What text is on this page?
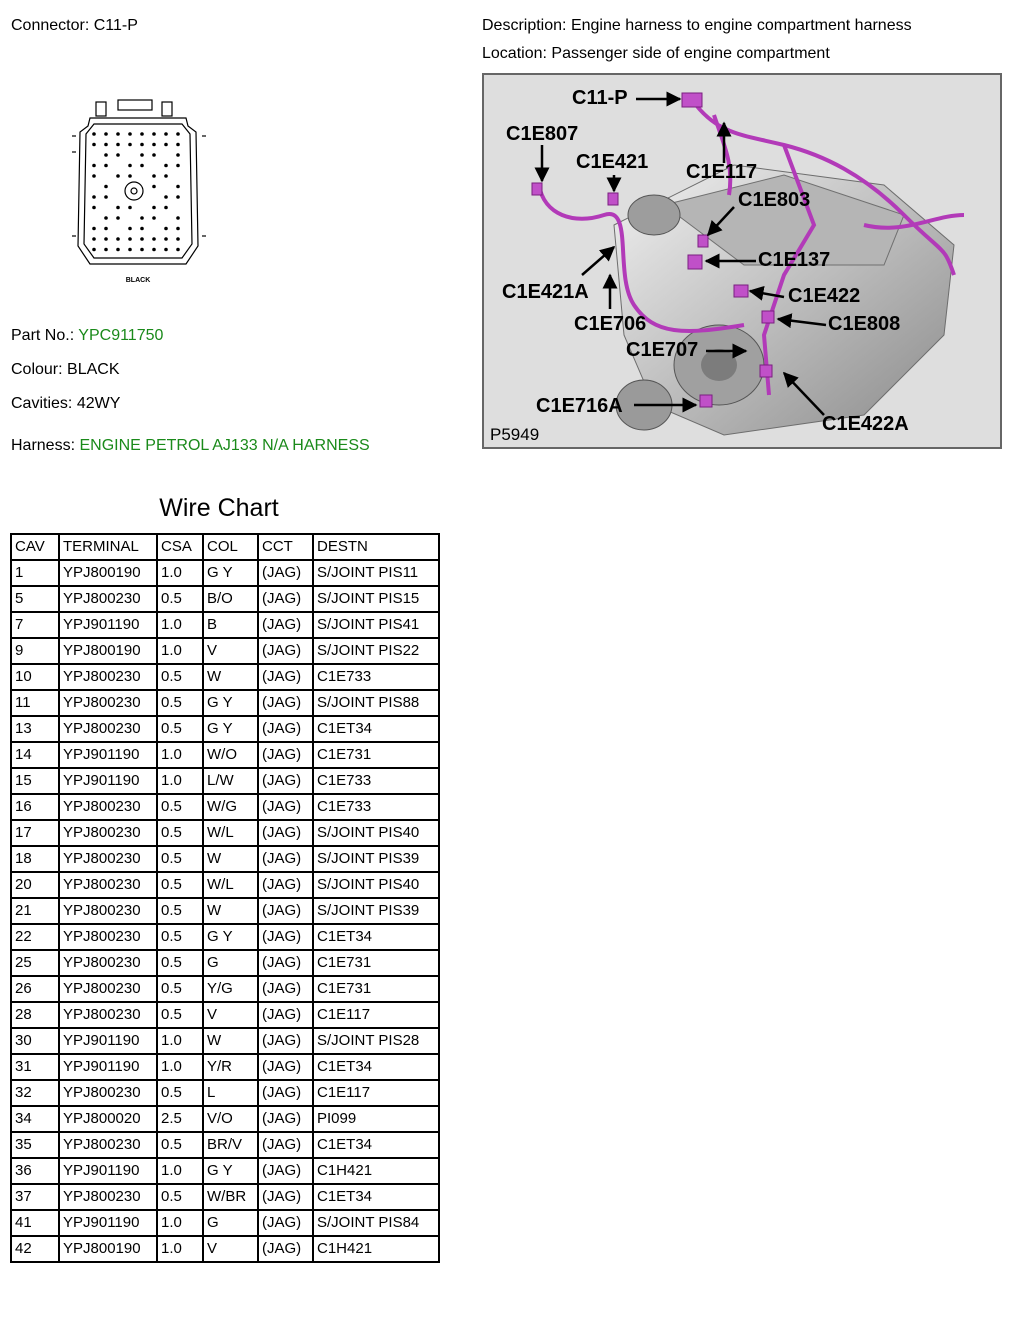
Connector: C11-P	Description: Engine harness to engine compartment harness
Location: Passenger side of engine compartment
BLACK
Part No.: YPC911750
Colour: BLACK
Cavities: 42WY
Harness: ENGINE PETROL AJ133 N/A HARNESS
C11-P
C1E807
C1E421 C1E117
C1E803
C1E137
C1E421A	C1E422
C1E706	C1E808
C1E707
C1E716A
C1E422A
P5949
Wire Chart
CAV	TERMINAL	CSA	COL	CCT	DESTN
1	YPJ800190	1.0	G Y	(JAG)	S/JOINT PIS11
5	YPJ800230	0.5	B/O	(JAG)	S/JOINT PIS15
7	YPJ901190	1.0	B	(JAG)	S/JOINT PIS41
9	YPJ800190	1.0	V	(JAG)	S/JOINT PIS22
10	YPJ800230	0.5	W	(JAG)	C1E733
11	YPJ800230	0.5	G Y	(JAG)	S/JOINT PIS88
13	YPJ800230	0.5	G Y	(JAG)	C1ET34
14	YPJ901190	1.0	W/O	(JAG)	C1E731
15	YPJ901190	1.0	L/W	(JAG)	C1E733
16	YPJ800230	0.5	W/G	(JAG)	C1E733
17	YPJ800230	0.5	W/L	(JAG)	S/JOINT PIS40
18	YPJ800230	0.5	W	(JAG)	S/JOINT PIS39
20	YPJ800230	0.5	W/L	(JAG)	S/JOINT PIS40
21	YPJ800230	0.5	W	(JAG)	S/JOINT PIS39
22	YPJ800230	0.5	G Y	(JAG)	C1ET34
25	YPJ800230	0.5	G	(JAG)	C1E731
26	YPJ800230	0.5	Y/G	(JAG)	C1E731
28	YPJ800230	0.5	V	(JAG)	C1E117
30	YPJ901190	1.0	W	(JAG)	S/JOINT PIS28
31	YPJ901190	1.0	Y/R	(JAG)	C1ET34
32	YPJ800230	0.5	L	(JAG)	C1E117
34	YPJ800020	2.5	V/O	(JAG)	PI099
35	YPJ800230	0.5	BR/V	(JAG)	C1ET34
36	YPJ901190	1.0	G Y	(JAG)	C1H421
37	YPJ800230	0.5	W/BR	(JAG)	C1ET34
41	YPJ901190	1.0	G	(JAG)	S/JOINT PIS84
42	YPJ800190	1.0	V	(JAG)	C1H421
